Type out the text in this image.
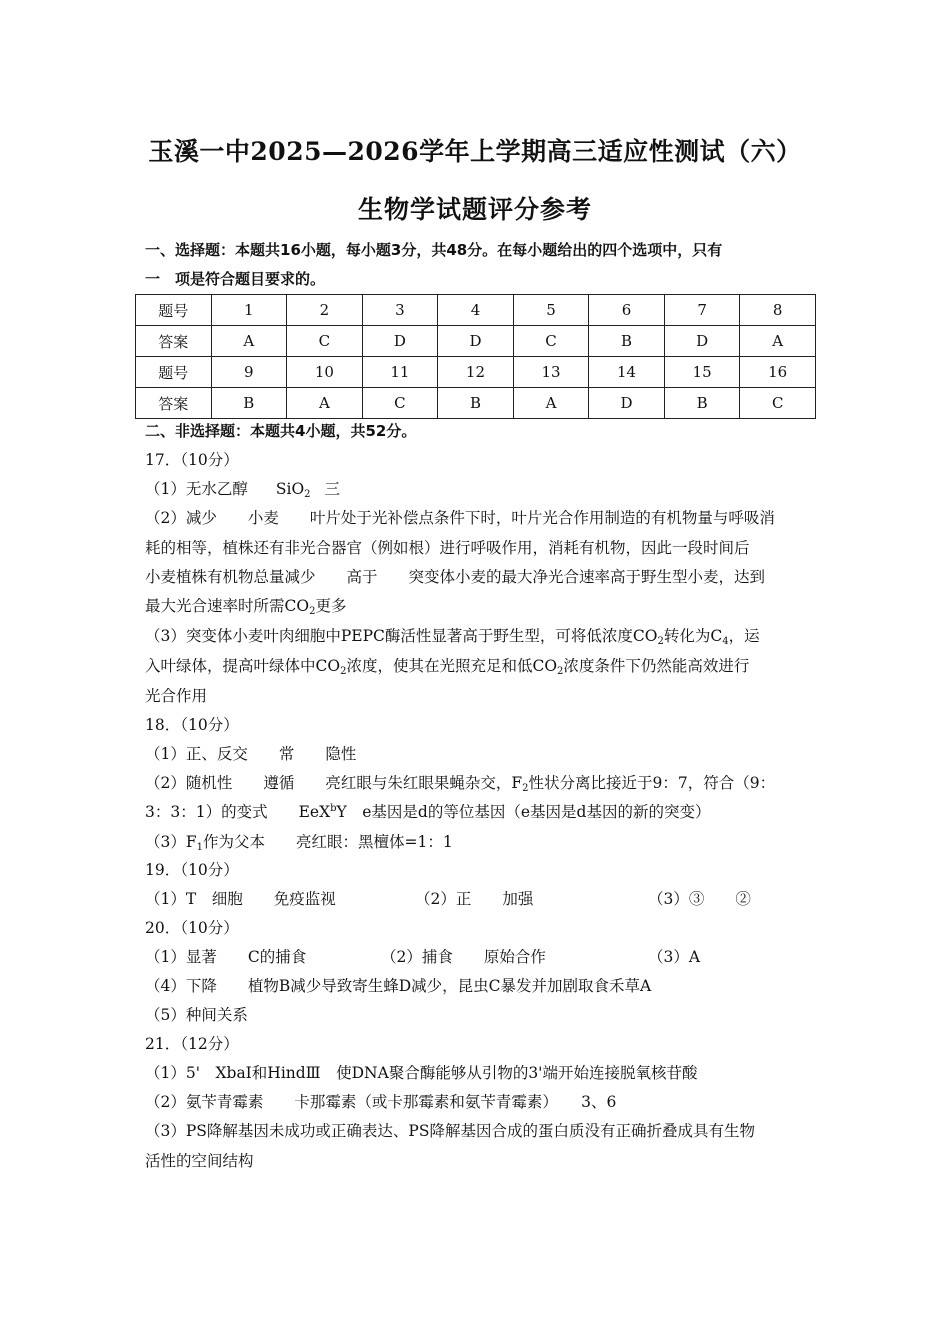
玉溪一中2025—2026学年上学期高三适应性测试（六）
生物学试题评分参考
一、选择题：本题共16小题，每小题3分，共48分。在每小题给出的四个选项中，只有
一　项是符合题目要求的。
题号	1	2	3	4	5	6	7	8
答案	A	C	D	D	C	B	D	A
题号	9	10	11	12	13	14	15	16
答案	B	A	C	B	A	D	B	C
二、非选择题：本题共4小题，共52分。
17．（10分）
（1）无水乙醇 SiO$_2$ 三
（2）减少　　小麦　　叶片处于光补偿点条件下时，叶片光合作用制造的有机物量与呼吸消
耗的相等，植株还有非光合器官（例如根）进行呼吸作用，消耗有机物，因此一段时间后
小麦植株有机物总量减少　　高于　　突变体小麦的最大净光合速率高于野生型小麦，达到
最大光合速率时所需$CO_2$更多
（3）突变体小麦叶肉细胞中PEPC酶活性显著高于野生型，可将低浓度$CO_2$转化为$C_4$，运
入叶绿体，提高叶绿体中$CO_2$浓度，使其在光照充足和低$CO_2$浓度条件下仍然能高效进行
光合作用
18．（10分）
（1）正、反交　　常　　隐性
（2）随机性　　遵循　　亮红眼与朱红眼果蝇杂交，$F_2$性状分离比接近于9：7，符合（9：
3：3：1）的变式　　EeX$^b$Y　e基因是d的等位基因（e基因是d基因的新的突变）
$(3)F_1$作为父本　　亮红眼：黑檀体=1：1
19．（10分）
（1）T　细胞　　免疫监视	（2）正　　加强	（3）③　　②
20．（10分）
（1）显著　　C的捕食	（2）捕食　　原始合作	（3）A
（4）下降　　植物B减少导致寄生蜂D减少，昆虫C暴发并加剧取食禾草A
（5）种间关系
21．（12分）
（1）5'　XbaI和HindⅢ　使DNA聚合酶能够从引物的3'端开始连接脱氧核苷酸
（2）氨苄青霉素　　卡那霉素（或卡那霉素和氨苄青霉素）　　3、6
（3）PS降解基因未成功或正确表达、PS降解基因合成的蛋白质没有正确折叠成具有生物
活性的空间结构
